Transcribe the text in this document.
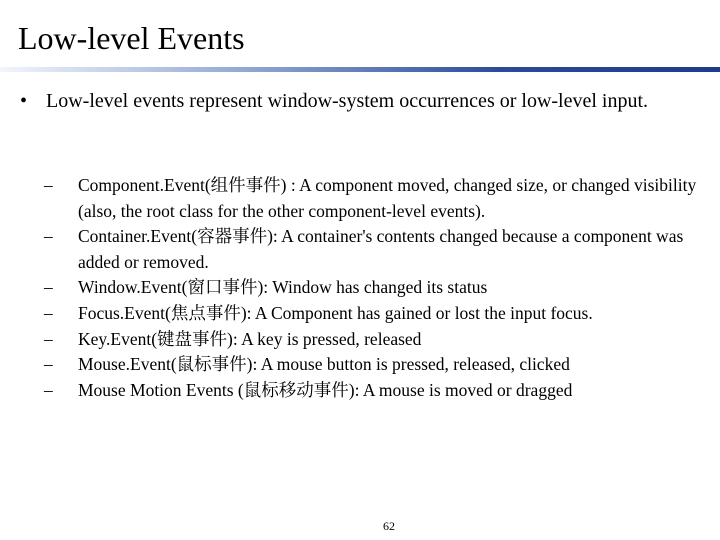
Low-level Events
• Low-level events represent window-system occurrences or low-level input.
– Component.Event(组件事件) : A component moved, changed size, or changed visibility (also, the root class for the other component-level events).
– Container.Event(容器事件): A container's contents changed because a component was added or removed.
– Window.Event(窗口事件): Window has changed its status
– Focus.Event(焦点事件): A Component has gained or lost the input focus.
– Key.Event(键盘事件): A key is pressed, released
– Mouse.Event(鼠标事件): A mouse button is pressed, released, clicked
– Mouse Motion Events (鼠标移动事件): A mouse is moved or dragged
62
